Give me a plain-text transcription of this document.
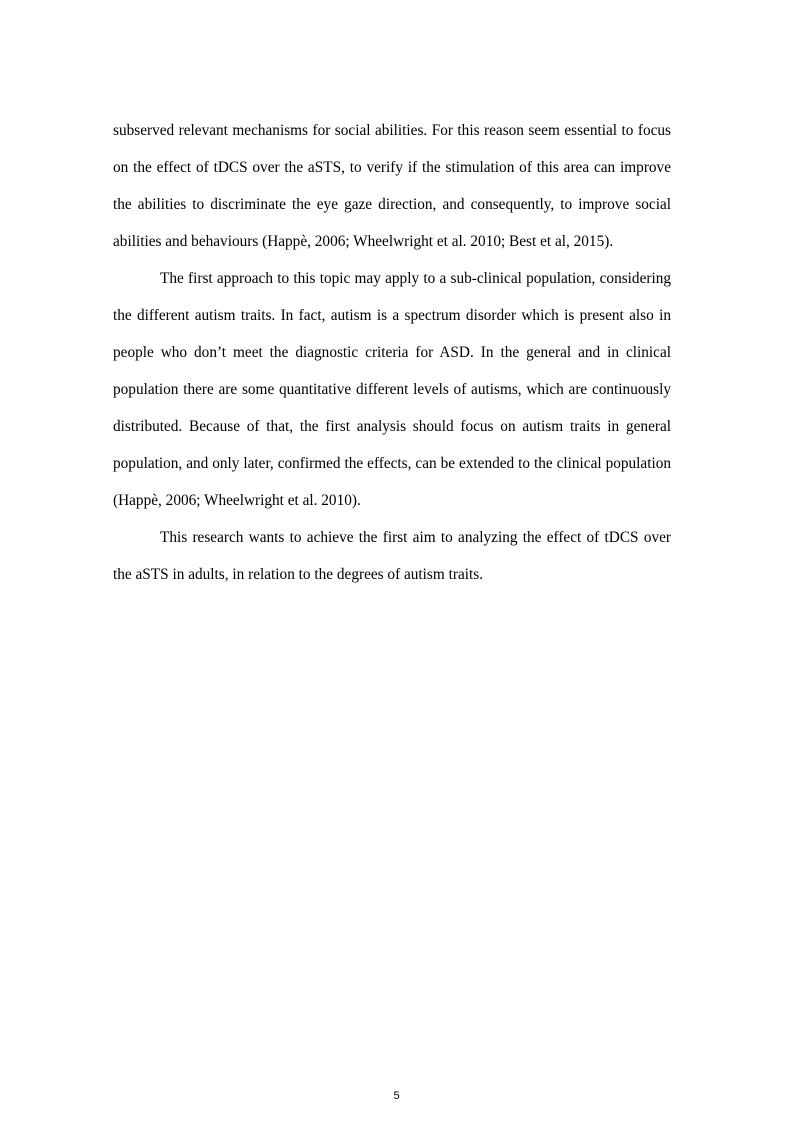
subserved relevant mechanisms for social abilities. For this reason seem essential to focus on the effect of tDCS over the aSTS, to verify if the stimulation of this area can improve the abilities to discriminate the eye gaze direction, and consequently, to improve social abilities and behaviours (Happè, 2006; Wheelwright et al. 2010; Best et al, 2015).

The first approach to this topic may apply to a sub-clinical population, considering the different autism traits. In fact, autism is a spectrum disorder which is present also in people who don’t meet the diagnostic criteria for ASD. In the general and in clinical population there are some quantitative different levels of autisms, which are continuously distributed. Because of that, the first analysis should focus on autism traits in general population, and only later, confirmed the effects, can be extended to the clinical population (Happè, 2006; Wheelwright et al. 2010).

This research wants to achieve the first aim to analyzing the effect of tDCS over the aSTS in adults, in relation to the degrees of autism traits.

5
